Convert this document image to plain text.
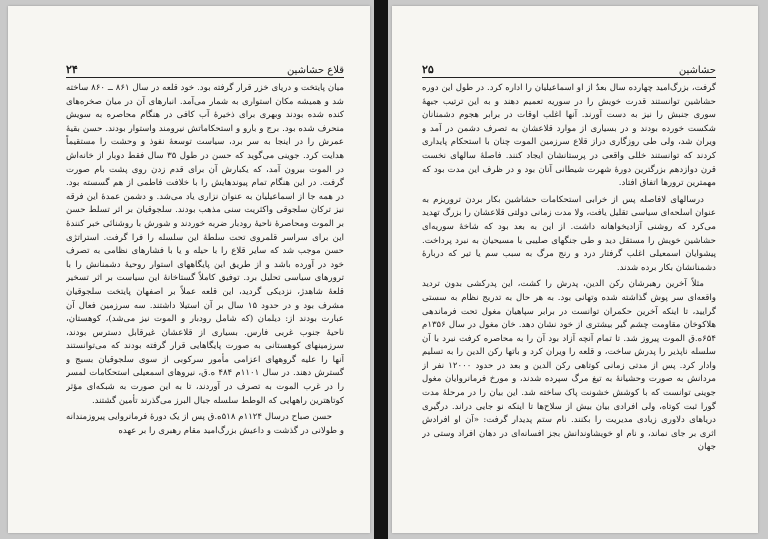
قلاع حشاشین
۲۴

میان پایتخت و دریای خزر قرار گرفته بود. خود قلعه در سال ۸۶۱ ــ ۸۶۰ ساخته شد و همیشه مکان استواری به شمار می‌آمد. انبارهای آن در میان صخره‌های کنده شده بودند وبهری برای ذخیرهٔ آب کافی در هنگام محاصره به سویش منحرف شده بود. برج و بارو و استحکاماتش نیرومند واستوار بودند. حسن بقیهٔ عمرش را در اینجا به سر برد، سیاست توسعهٔ نفوذ و وحشت را مستقیماً هدایت کرد. جوینی می‌گوید که حسن در طول ۳۵ سال فقط دوبار از خانه‌اش در الموت بیرون آمد، که یکبارش آن برای قدم زدن روی پشت بام صورت گرفت. در این هنگام تمام پیوندهایش را با خلافت فاطمی از هم گسسته بود. در همه جا از اسماعیلیان به عنوان نزاری یاد می‌شد. و دشمن عمدهٔ این فرقه نیز ترکان سلجوقی واکثریت سنی مذهب بودند. سلجوقیان بر اثر تسلط حسن بر الموت ومحاصرهٔ ناحیهٔ رودبار ضربه خوردند و شورش با روشنائی خبر کنندهٔ این برای سراسر قلمروی تحت سلطهٔ این سلسله را فرا گرفت. استراتژی حسن موجب شد که سایر قلاع را با حیله و یا با فشارهای نظامی به تصرف خود در آورده باشد و از طریق این پایگاههای استوار روحیهٔ دشمنانش را با ترورهای سیاسی تحلیل برد. توفیق کاملاً گستاخانهٔ این سیاست بر اثر تسخیر قلعهٔ شاهدژ، نزدیکی گردید، این قلعه عملاً بر اصفهان پایتخت سلجوقیان مشرف بود و در حدود ۱۵ سال بر آن استیلا داشتند. سه سرزمین فعال آن عبارت بودند از: دیلمان (که شامل رودبار و الموت نیز می‌شد)، کوهستان، ناحیهٔ جنوب غربی فارس. بسیاری از قلاعشان غیرقابل دسترس بودند، سرزمینهای کوهستانی به صورت پایگاهایی قرار گرفته بودند که می‌توانستند آنها را علیه گروههای اعزامی مأمور سرکوبی از سوی سلجوقیان بسیج و گسترش دهند. در سال ۱۱۰۱م ۴۸۴ ه.ق، نیروهای اسمعیلی استحکامات لمسر را در غرب الموت به تصرف در آوردند، تا به این صورت به شبکه‌ای مؤثر کوتاهترین راههایی که الوطط سلسله جبال البرز می‌گذرند تأمین گشتند.

حسن صباح درسال ۱۱۲۴م ۵۱۸ه.ق پس از یک دورهٔ فرمانروایی پیروزمندانه و طولانی در گذشت و داعیش بزرگ‌امید مقام رهبری را بر عهده

حشاشین
۲۵

گرفت، بزرگ‌امید چهارده سال بعدٌ از او اسماعیلیان را اداره کرد. در طول این دوره حشاشین توانستند قدرت خویش را در سوریه تعمیم دهند و به این ترتیب جبههٔ سوری جنبش را نیز به دست آورند. آنها اغلب اوقات در برابر هجوم دشمنانان شکست خورده بودند و در بسیاری از موارد قلاعشان به تصرف دشمن در آمد و ویران شد، ولی طی روزگاری دراز قلاع سرزمین الموت چنان با استحکام پایداری کردند که توانستند خللی واقعی در پرستانشان ایجاد کنند. فاصلهٔ سالهای نخست قرن دوازدهم بزرگترین دورهٔ شهرت شیطانی آنان بود و در ظرف این مدت بود که مهمترین ترورها اتفاق افتاد.

درسالهای لافاصله پس از خرابی استحکامات حشاشین بکار بردن تروریزم به عنوان اسلحه‌ای سیاسی تقلیل یافت، ولا مدت زمانی دولتی قلاعشان را بزرگ تهدید می‌کرد که روشنی آزادیخواهانه داشت. از این به بعد بود که شاخهٔ سوریه‌ای حشاشین خویش را مستقل دید و طی جنگهای صلیبی با مسیحیان به نبرد پرداخت. پیشوایان اسمعیلی اغلب گرفتار درد و رنج مرگ به سبب سم یا تیر که دربارهٔ دشمنانشان بکار برده شدند.

مثلاً آخرین رهبرشان رکن الدین، پدرش را کشت، این پدرکشی بدون تردید واقعه‌ای سر پوش گذاشته شده وتهانی بود. به هر حال به تدریج نظام به سستی گرایید، تا اینکه آخرین حکمران توانست در برابر سپاهیان مغول تحت فرماندهی هلاکوخان مقاومت چشم گیر بیشتری از خود نشان دهد. خان مغول در سال ۱۳۵۶م ۶۵۴ه.ق الموت پیروز شد. تا تمام آنچه آزاد بود آن را به محاصره کرفت نبرد با آن سلسله ناپذیر را پدرش ساخت، و قلعه را ویران کرد و باتها رکن الدین را به تسلیم وادار کرد. پس از مدتی زمانی کوتاهی رکن الدین و بعد در حدود ۱۲۰۰۰ نفر از مردانش به صورت وحشیانهٔ به تیغ مرگ سپرده شدند، و مورخ فرمانروایان مغول جوینی توانست که با کوشش خشونت پاک ساخته شد. این بیان را در مرحلهٔ مدت گورا ثبت کوتاه، ولی افرادی بیان بیش از سلاح‌ها تا اینکه نو جایی دراند. درگیری دریاهای دلاوری زیادی مدیریت را بکنند. نام ستم پدیدار گرفت: «آن او افرادش اثری بر جای نماند، و نام او خویشاوندانش بجز افسانه‌ای در دهان افراد وستی در جهان
